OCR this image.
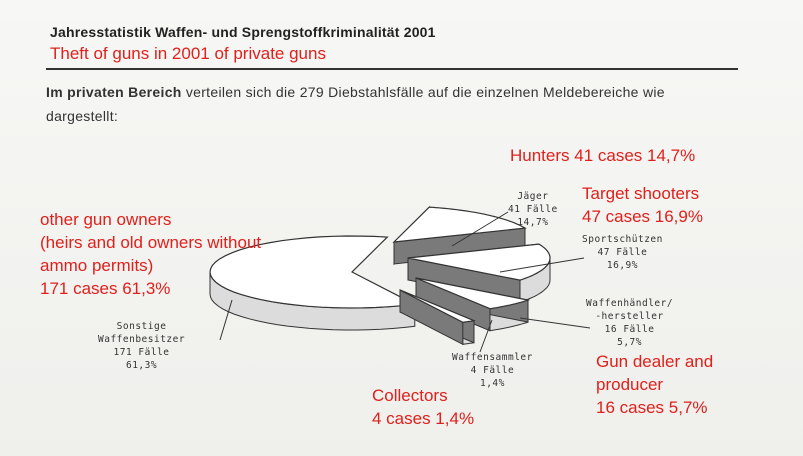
Jahresstatistik Waffen- und Sprengstoffkriminalität 2001
Theft of guns in 2001 of private guns
Im privaten Bereich verteilen sich die 279 Diebstahlsfälle auf die einzelnen Meldebereiche wie dargestellt:
Jäger
41 Fälle
14,7%
Sportschützen
47 Fälle
16,9%
Waffenhändler/
-hersteller
16 Fälle
5,7%
Waffensammler
4 Fälle
1,4%
Sonstige
Waffenbesitzer
171 Fälle
61,3%
Hunters 41 cases 14,7%
Target shooters
47 cases 16,9%
Gun dealer and
producer
16 cases 5,7%
Collectors
4 cases 1,4%
other gun owners
(heirs and old owners without
ammo permits)
171 cases 61,3%
